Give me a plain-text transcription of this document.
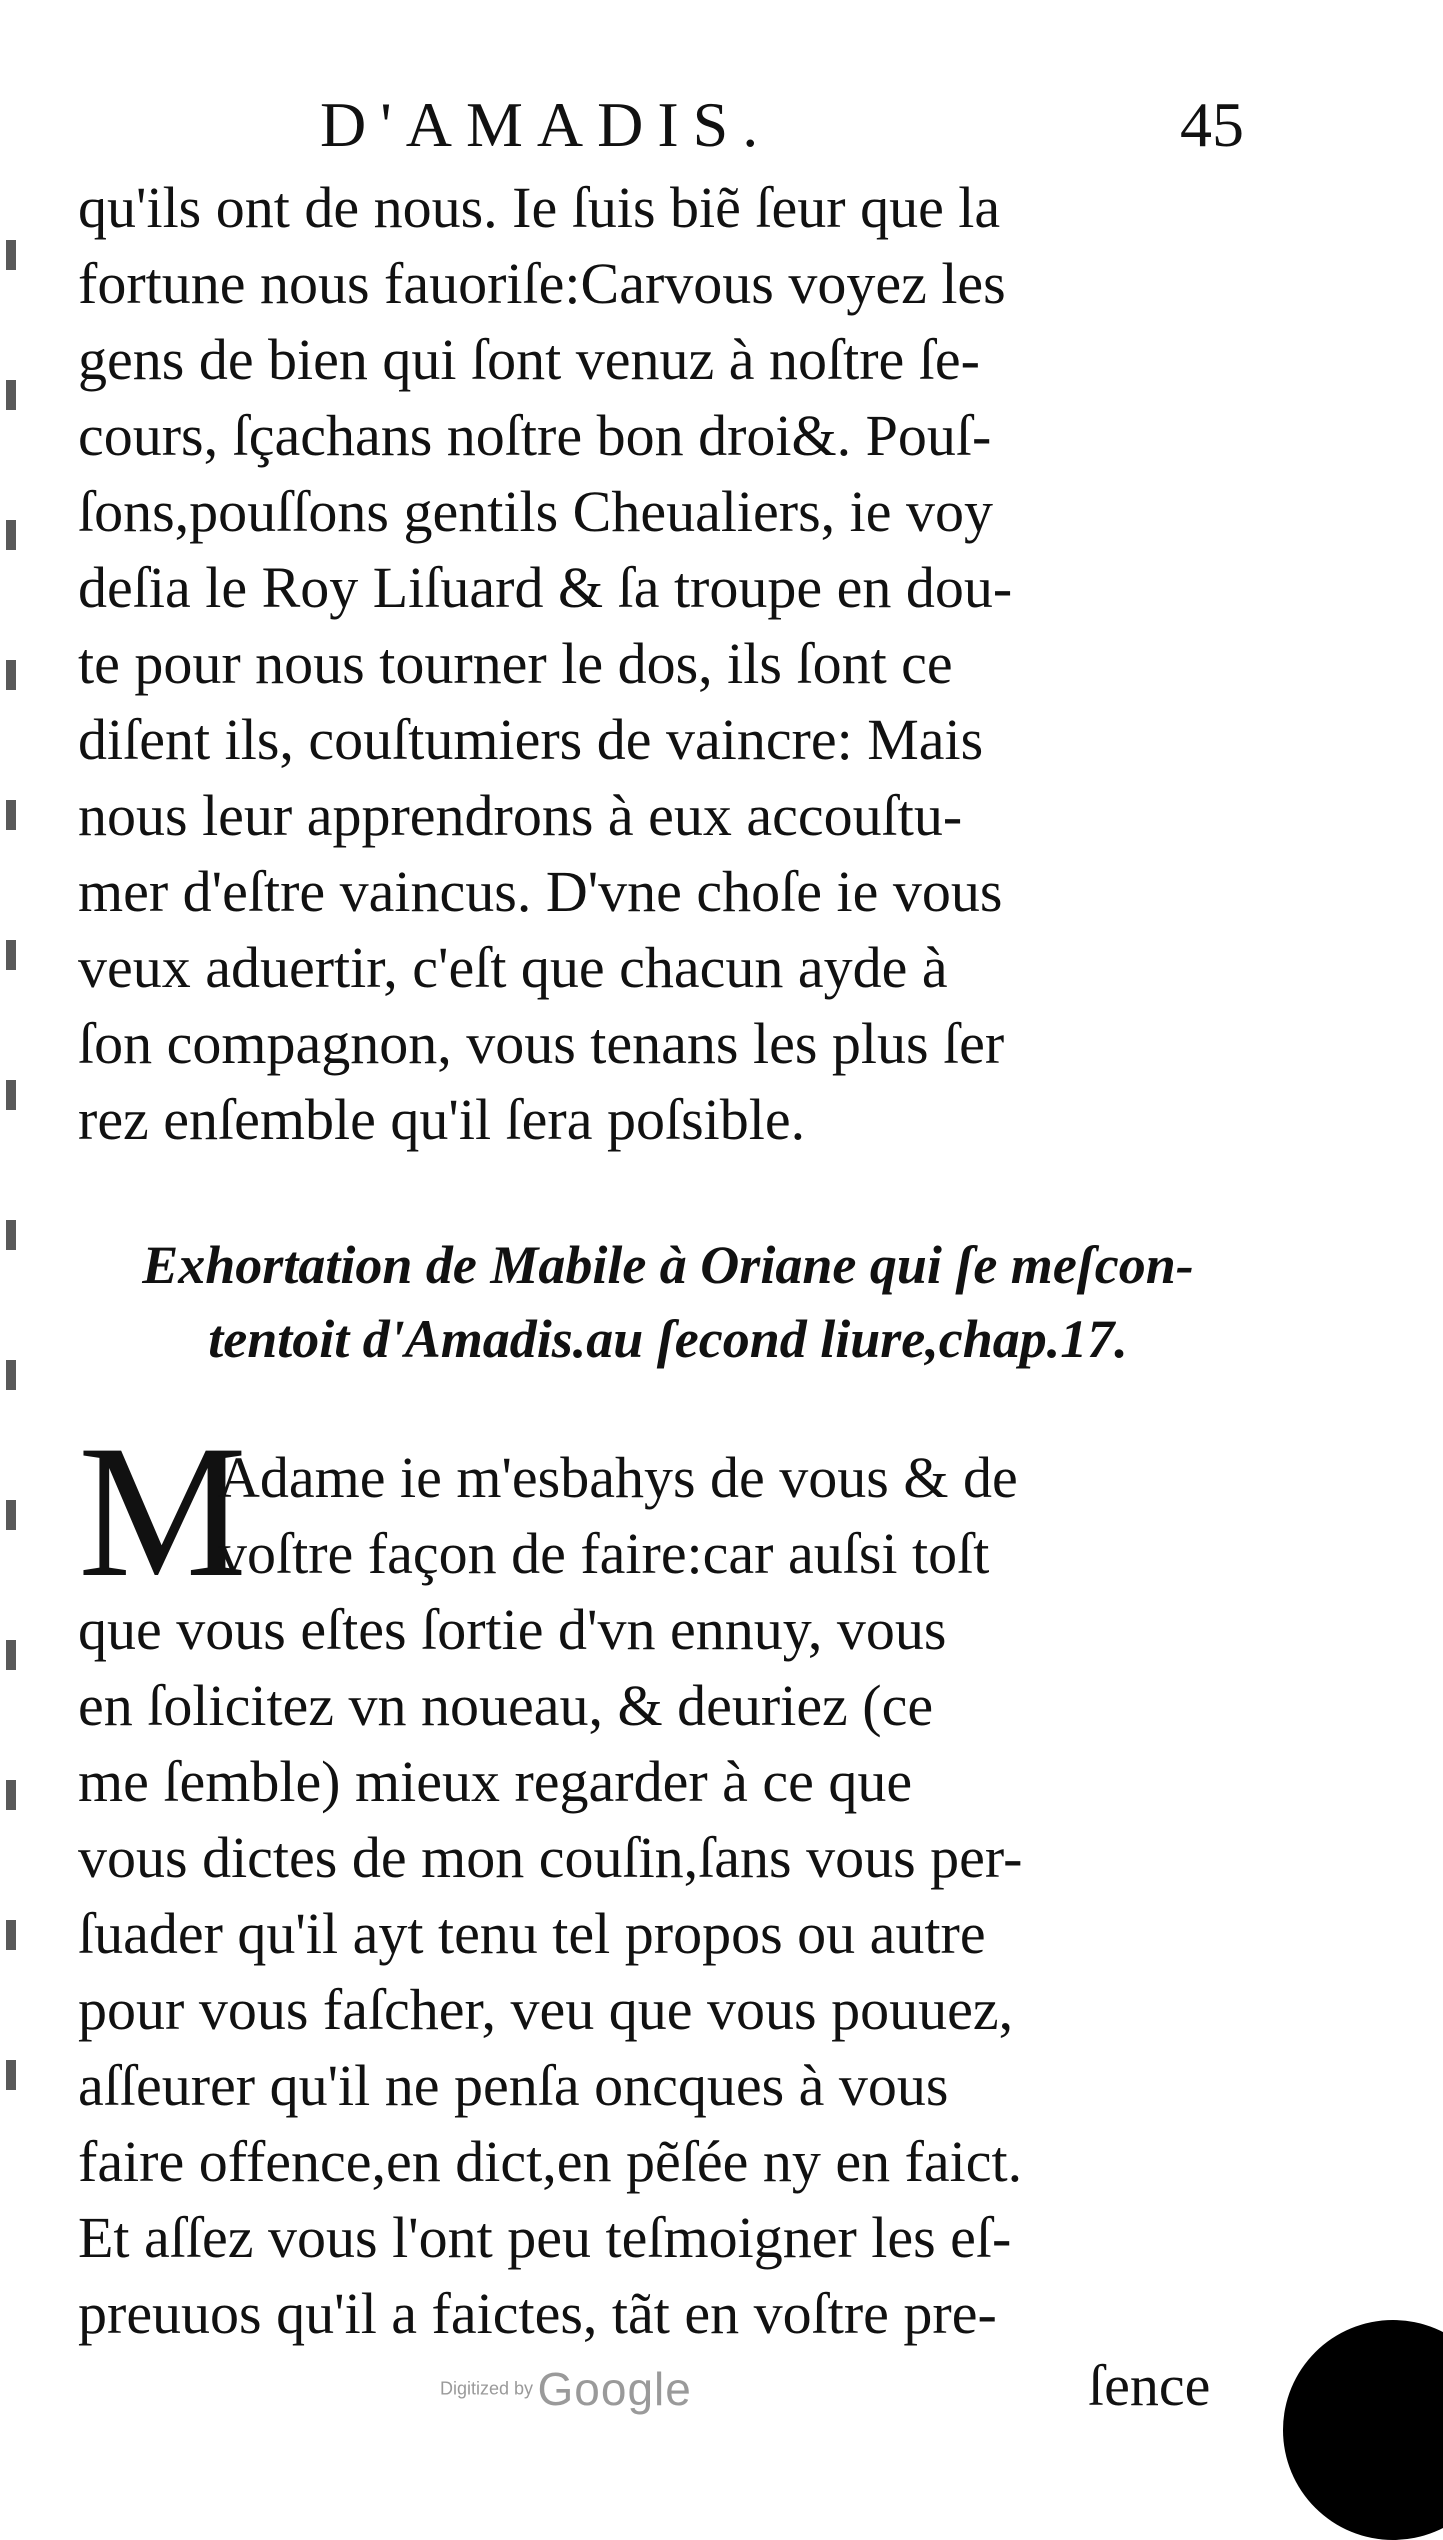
D'AMADIS.	45
qu'ils ont de nous. Ie ſuis biẽ ſeur que la
fortune nous fauoriſe:Carvous voyez les
gens de bien qui ſont venuz à noſtre ſe-
cours, ſçachans noſtre bon droi&. Pouſ-
ſons,pouſſons gentils Cheualiers, ie voy
deſia le Roy Liſuard & ſa troupe en dou-
te pour nous tourner le dos, ils ſont ce
diſent ils, couſtumiers de vaincre: Mais
nous leur apprendrons à eux accouſtu-
mer d'eſtre vaincus. D'vne choſe ie vous
veux aduertir, c'eſt que chacun ayde à
ſon compagnon, vous tenans les plus ſer
rez enſemble qu'il ſera poſsible.
Exhortation de Mabile à Oriane qui ſe meſcon-
tentoit d'Amadis.au ſecond liure,chap.17.
M
Adame ie m'esbahys de vous & de
voſtre façon de faire:car auſsi toſt
que vous eſtes ſortie d'vn ennuy, vous
en ſolicitez vn noueau, & deuriez (ce
me ſemble) mieux regarder à ce que
vous dictes de mon couſin,ſans vous per-
ſuader qu'il ayt tenu tel propos ou autre
pour vous faſcher, veu que vous pouuez,
aſſeurer qu'il ne penſa oncques à vous
faire offence,en dict,en pẽſée ny en faict.
Et aſſez vous l'ont peu teſmoigner les eſ-
preuuos qu'il a faictes, tãt en voſtre pre-
ſence
Digitized by Google
